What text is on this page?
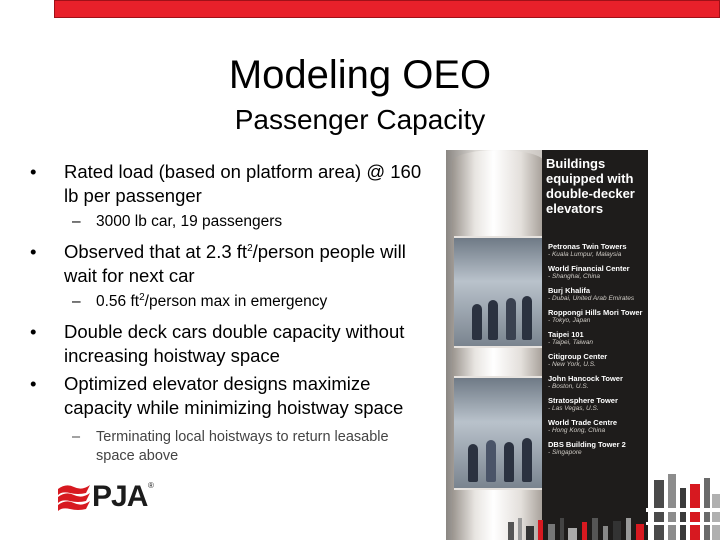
Modeling OEO
Passenger Capacity
•	Rated load (based on platform area) @ 160 lb per passenger
– 3000 lb car, 19 passengers
•	Observed that at 2.3 $ft^2$/person people will wait for next car
– 0.56 $ft^2$/person max in emergency
•	Double deck cars double capacity without increasing hoistway space
•	Optimized elevator designs maximize capacity while minimizing hoistway space
– Terminating local hoistways to return leasable space above
Buildings equipped with double-decker elevators
Petronas Twin Towers
- Kuala Lumpur, Malaysia
World Financial Center
- Shanghai, China
Burj Khalifa
- Dubai, United Arab Emirates
Roppongi Hills Mori Tower
- Tokyo, Japan
Taipei 101
- Taipei, Taiwan
Citigroup Center
- New York, U.S.
John Hancock Tower
- Boston, U.S.
Stratosphere Tower
- Las Vegas, U.S.
World Trade Centre
- Hong Kong, China
DBS Building Tower 2
- Singapore
PJA ®
